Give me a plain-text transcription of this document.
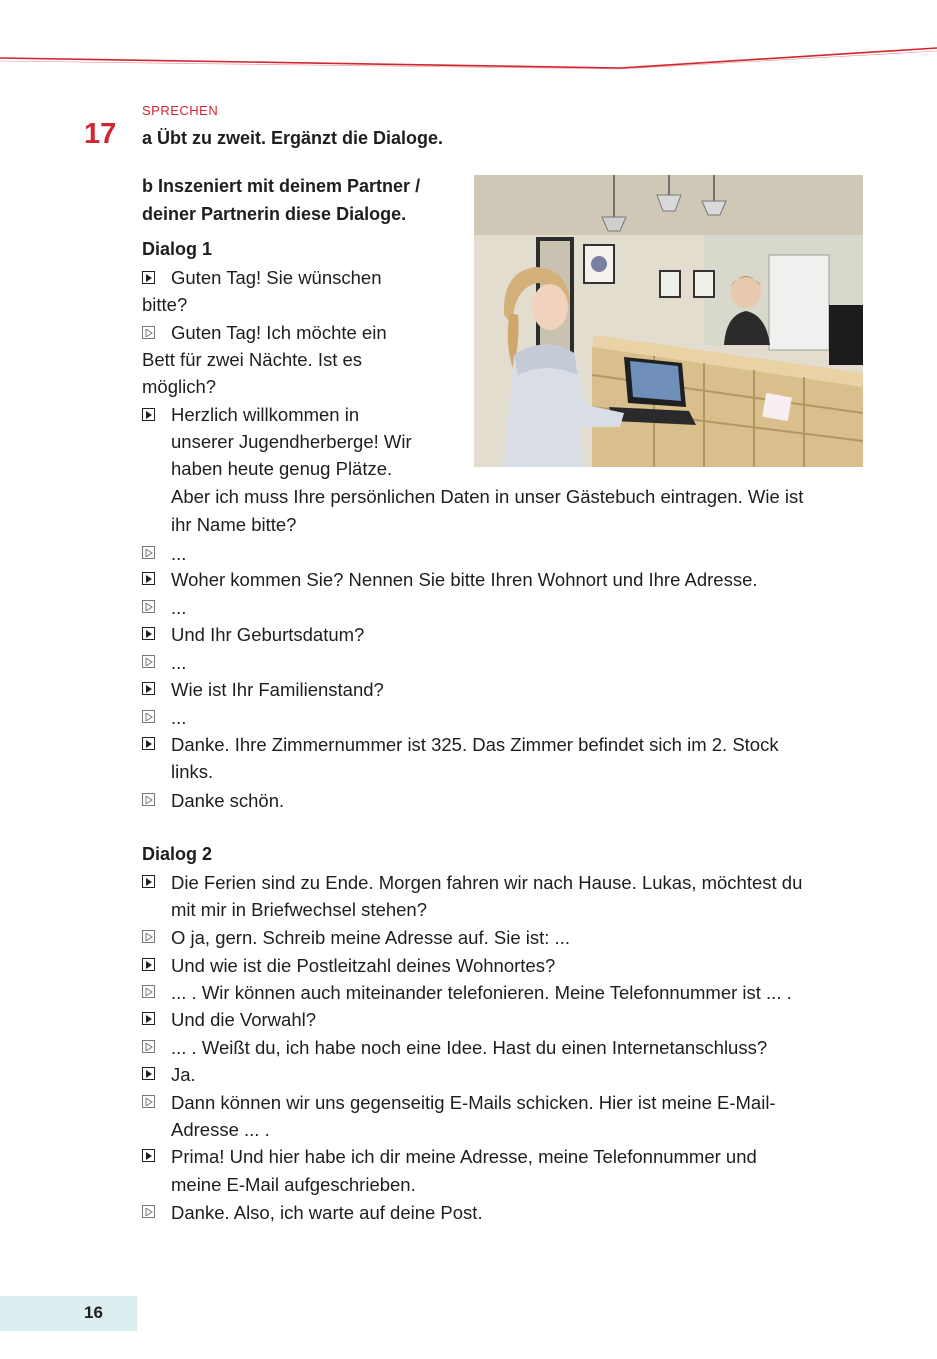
SPRECHEN
17 a Übt zu zweit. Ergänzt die Dialoge.
b Inszeniert mit deinem Partner /
deiner Partnerin diese Dialoge.
Dialog 1
Guten Tag! Sie wünschen
bitte?
Guten Tag! Ich möchte ein
Bett für zwei Nächte. Ist es
möglich?
Herzlich willkommen in
unserer Jugendherberge! Wir
haben heute genug Plätze.
Aber ich muss Ihre persönlichen Daten in unser Gästebuch eintragen. Wie ist
ihr Name bitte?
...
Woher kommen Sie? Nennen Sie bitte Ihren Wohnort und Ihre Adresse.
...
Und Ihr Geburtsdatum?
...
Wie ist Ihr Familienstand?
...
Danke. Ihre Zimmernummer ist 325. Das Zimmer befindet sich im 2. Stock
links.
Danke schön.
Dialog 2
Die Ferien sind zu Ende. Morgen fahren wir nach Hause. Lukas, möchtest du
mit mir in Briefwechsel stehen?
O ja, gern. Schreib meine Adresse auf. Sie ist: ...
Und wie ist die Postleitzahl deines Wohnortes?
... . Wir können auch miteinander telefonieren. Meine Telefonnummer ist ... .
Und die Vorwahl?
... . Weißt du, ich habe noch eine Idee. Hast du einen Internetanschluss?
Ja.
Dann können wir uns gegenseitig E-Mails schicken. Hier ist meine E-Mail-
Adresse ... .
Prima! Und hier habe ich dir meine Adresse, meine Telefonnummer und
meine E-Mail aufgeschrieben.
Danke. Also, ich warte auf deine Post.
16
